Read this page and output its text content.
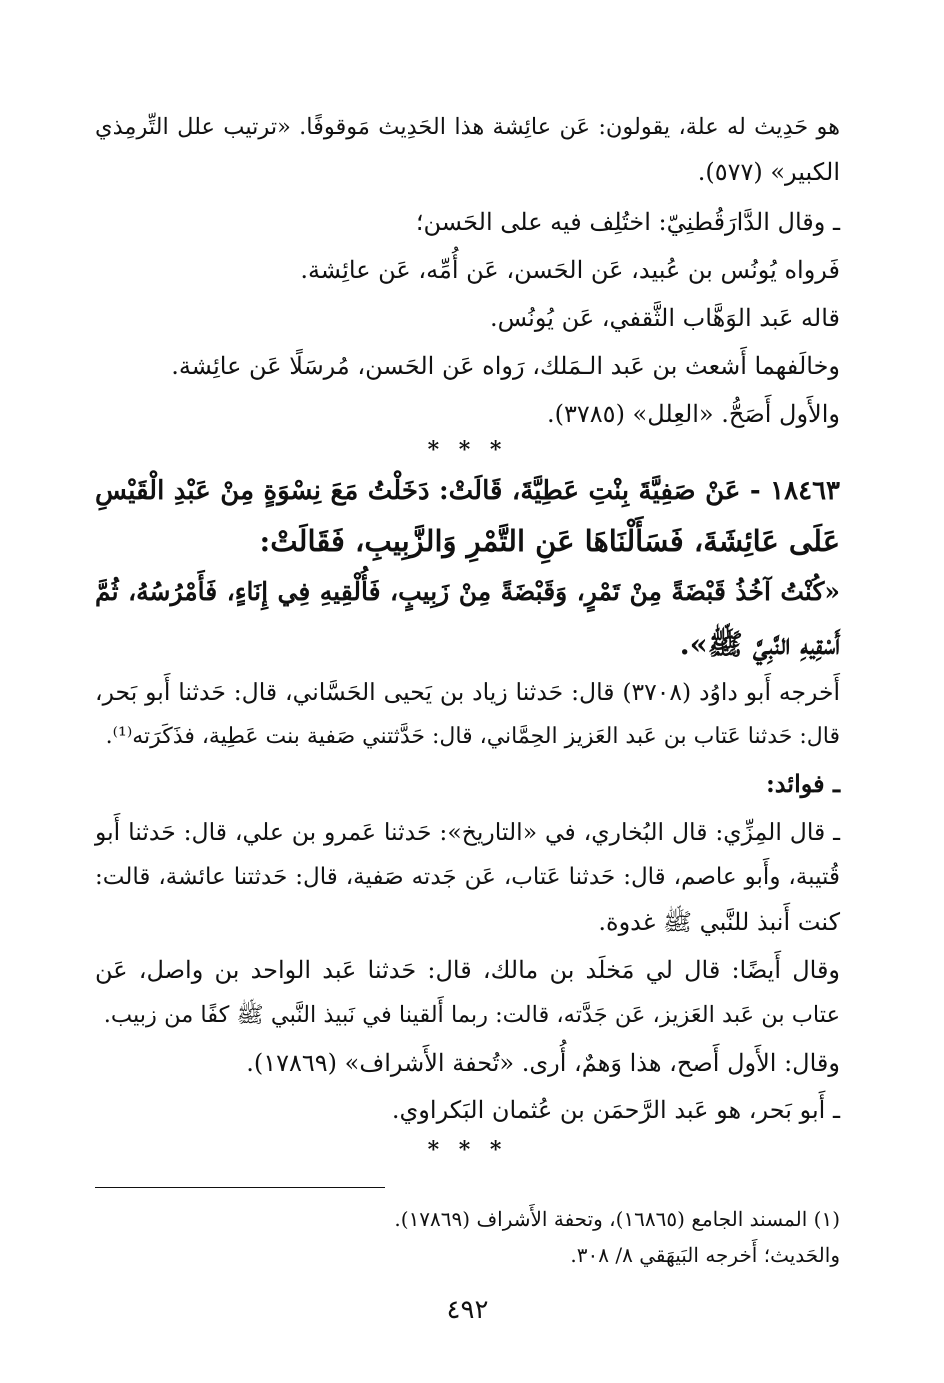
هو حَدِيث له علة، يقولون: عَن عائِشة هذا الحَدِيث مَوقوفًا. «ترتيب علل التِّرمِذي
الكبير» (٥٧٧).
ـ وقال الدَّارَقُطنِيّ: اختُلِف فيه على الحَسن؛
فَرواه يُونُس بن عُبيد، عَن الحَسن، عَن أُمِّه، عَن عائِشة.
قاله عَبد الوَهَّاب الثَّقفي، عَن يُونُس.
وخالَفهما أَشعث بن عَبد الـمَلك، رَواه عَن الحَسن، مُرسَلًا عَن عائِشة.
والأَول أَصَحُّ. «العِلل» (٣٧٨٥).
* * *
١٨٤٦٣ - عَنْ صَفِيَّةَ بِنْتِ عَطِيَّةَ، قَالَتْ: دَخَلْتُ مَعَ نِسْوَةٍ مِنْ عَبْدِ الْقَيْسِ
عَلَى عَائِشَةَ، فَسَأَلْنَاهَا عَنِ التَّمْرِ وَالزَّبِيبِ، فَقَالَتْ:
«كُنْتُ آخُذُ قَبْضَةً مِنْ تَمْرٍ، وَقَبْضَةً مِنْ زَبِيبٍ، فَأُلْقِيهِ فِي إِنَاءٍ، فَأَمْرُسُهُ، ثُمَّ
أَسْقِيهِ النَّبِيَّ ﷺ».
أَخرجه أَبو داوُد (٣٧٠٨) قال: حَدثنا زياد بن يَحيى الحَسَّاني، قال: حَدثنا أَبو بَحر،
قال: حَدثنا عَتاب بن عَبد العَزيز الحِمَّاني، قال: حَدَّثتني صَفية بنت عَطِية، فذَكَرَته⁽¹⁾.
ـ فوائد:
ـ قال المِزِّي: قال البُخاري، في «التاريخ»: حَدثنا عَمرو بن علي، قال: حَدثنا أَبو
قُتيبة، وأَبو عاصم، قال: حَدثنا عَتاب، عَن جَدته صَفية، قال: حَدثتنا عائشة، قالت:
كنت أَنبذ للنَّبي ﷺ غدوة.
وقال أَيضًا: قال لي مَخلَد بن مالك، قال: حَدثنا عَبد الواحد بن واصل، عَن
عتاب بن عَبد العَزيز، عَن جَدَّته، قالت: ربما أَلقينا في نَبيذ النَّبي ﷺ كفًا من زبيب.
وقال: الأَول أَصح، هذا وَهمٌ، أُرى. «تُحفة الأَشراف» (١٧٨٦٩).
ـ أَبو بَحر، هو عَبد الرَّحمَن بن عُثمان البَكراوي.
* * *
(١) المسند الجامع (١٦٨٦٥)، وتحفة الأَشراف (١٧٨٦٩).
والحَديث؛ أَخرجه البَيهَقي ٨/ ٣٠٨.
٤٩٢
